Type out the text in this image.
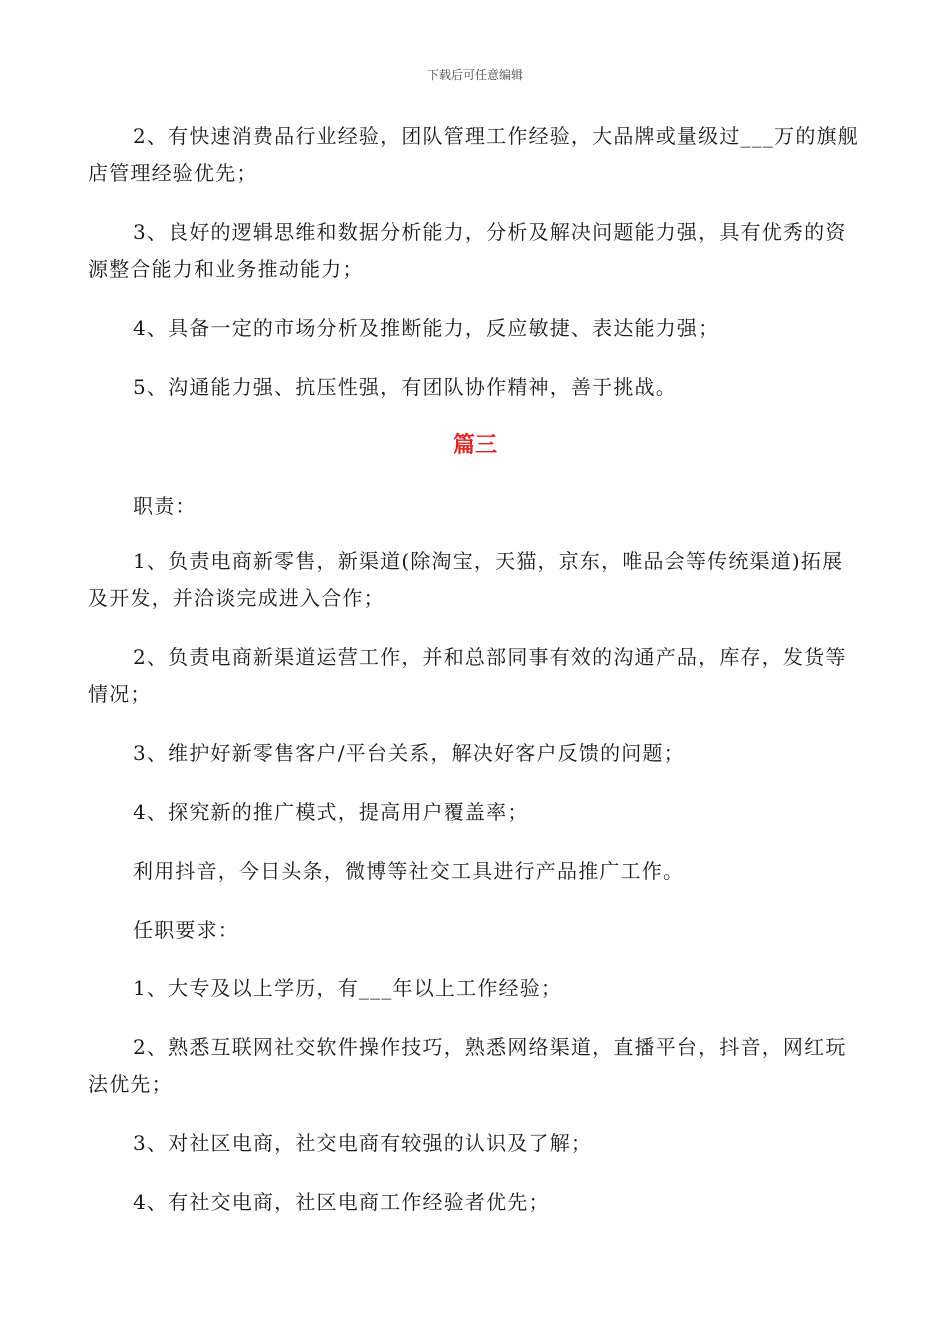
下载后可任意编辑

2、有快速消费品行业经验，团队管理工作经验，大品牌或量级过___万的旗舰店管理经验优先；

3、良好的逻辑思维和数据分析能力，分析及解决问题能力强，具有优秀的资源整合能力和业务推动能力；

4、具备一定的市场分析及推断能力，反应敏捷、表达能力强；

5、沟通能力强、抗压性强，有团队协作精神，善于挑战。

篇三

职责：

1、负责电商新零售，新渠道(除淘宝，天猫，京东，唯品会等传统渠道)拓展及开发，并洽谈完成进入合作；

2、负责电商新渠道运营工作，并和总部同事有效的沟通产品，库存，发货等情况；

3、维护好新零售客户/平台关系，解决好客户反馈的问题；

4、探究新的推广模式，提高用户覆盖率；

利用抖音，今日头条，微博等社交工具进行产品推广工作。

任职要求：

1、大专及以上学历，有___年以上工作经验；

2、熟悉互联网社交软件操作技巧，熟悉网络渠道，直播平台，抖音，网红玩法优先；

3、对社区电商，社交电商有较强的认识及了解；

4、有社交电商，社区电商工作经验者优先；
